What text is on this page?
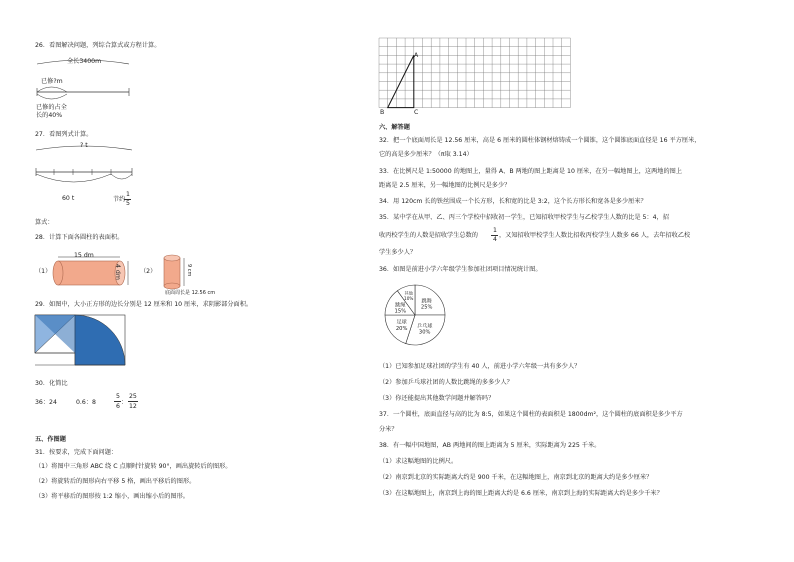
26．看图解决问题，列综合算式或方程计算。
全长3400m
已修?m
已修的占全
长的40%
27．看图列式计算。
? t
60 t	节约
1
5
算式：
28．计算下面各圆柱的表面积。
（1）
15 dm
4 dm	（2）	9 cm
底面周长是 12.56 cm
29．如图中，大小正方形的边长分别是 12 厘米和 10 厘米，求阴影部分面积。
30．化简比
36：24	0.6：8
5
6
：
25
12
五、作图题
31．按要求，完成下面问题：
（1）将图中三角形 ABC 绕 C 点顺时针旋转 90°，画出旋转后的图形。
（2）将旋转后的图形向右平移 5 格，画出平移后的图形。
（3）将平移后的图形按 1:2 缩小，画出缩小后的图形。
A
B	C
六、解答题
32．把一个底面周长是 12.56 厘米，高是 6 厘米的圆柱体钢材熔铸成一个圆锥，这个圆锥底面直径是 16 平方厘米，
它的高是多少厘米？（π取 3.14）
33．在比例尺是 1:50000 的地图上，量得 A、B 两地的图上距离是 10 厘米，在另一幅地图上，这两地的图上
距离是 2.5 厘米，另一幅地图的比例尺是多少？
34．用 120cm 长的铁丝围成一个长方形，长和宽的比是 3:2，这个长方形长和宽各是多少厘米？
35．某中学在从甲、乙、丙三个学校中招收初一学生，已知招收甲校学生与乙校学生人数的比是 5：4，招
收丙校学生的人数是招收学生总数的
1
4
，又知招收甲校学生人数比招收丙校学生人数多 66 人，去年招收乙校
学生多少人？
36．如图是前进小学六年级学生参加社团项目情况统计图。
跳舞
25%
乒乓球
30%
足球
20%
跳绳
15%
其他
10%
（1）已知参加足球社团的学生有 40 人，前进小学六年级一共有多少人？
（2）参加乒乓球社团的人数比跳绳的多多少人？
（3）你还能提出其他数学问题并解答吗？
37．一个圆柱，底面直径与高的比为 8:5，如果这个圆柱的表面积是 1800dm²，这个圆柱的底面积是多少平方
分米？
38．有一幅中国地图，AB 两地间的图上距离为 5 厘米，实际距离为 225 千米。
（1）求这幅地图的比例尺。
（2）南京到北京的实际距离大约是 900 千米，在这幅地图上，南京到北京的距离大约是多少厘米？
（3）在这幅地图上，南京到上海的图上距离大约是 6.6 厘米，南京到上海的实际距离大约是多少千米？
